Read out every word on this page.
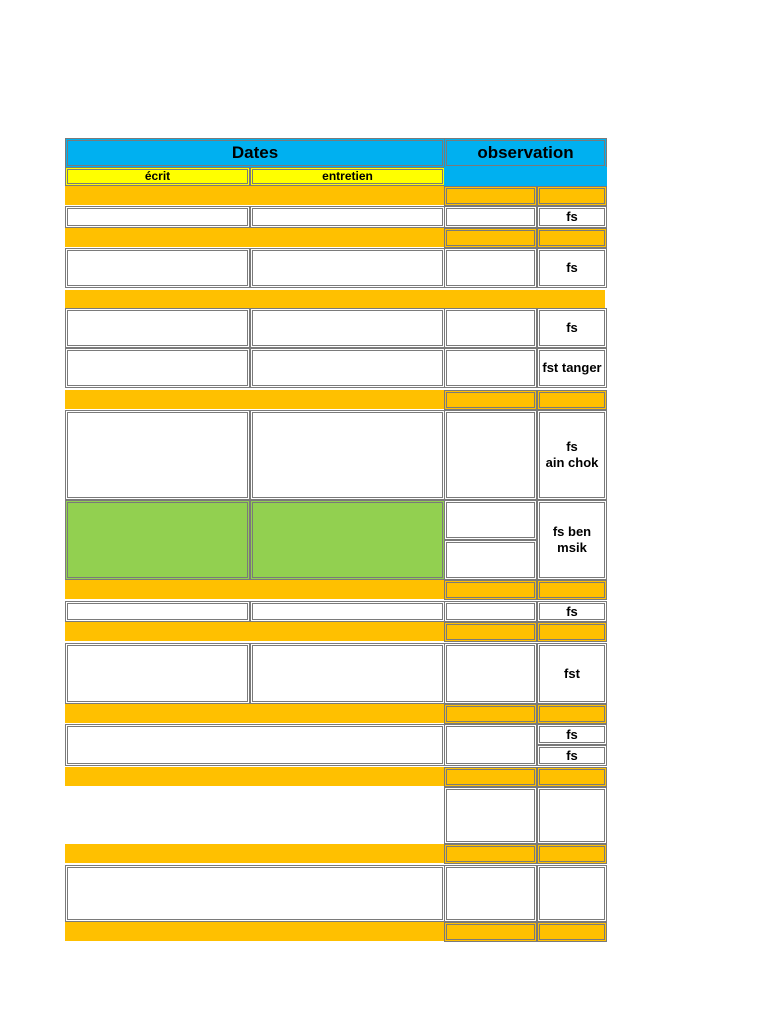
Dates	observation
écrit	entretien
fs
fs
fs
fst tanger
fs
ain chok
fs ben
msik
fs
fst
fs
fs
